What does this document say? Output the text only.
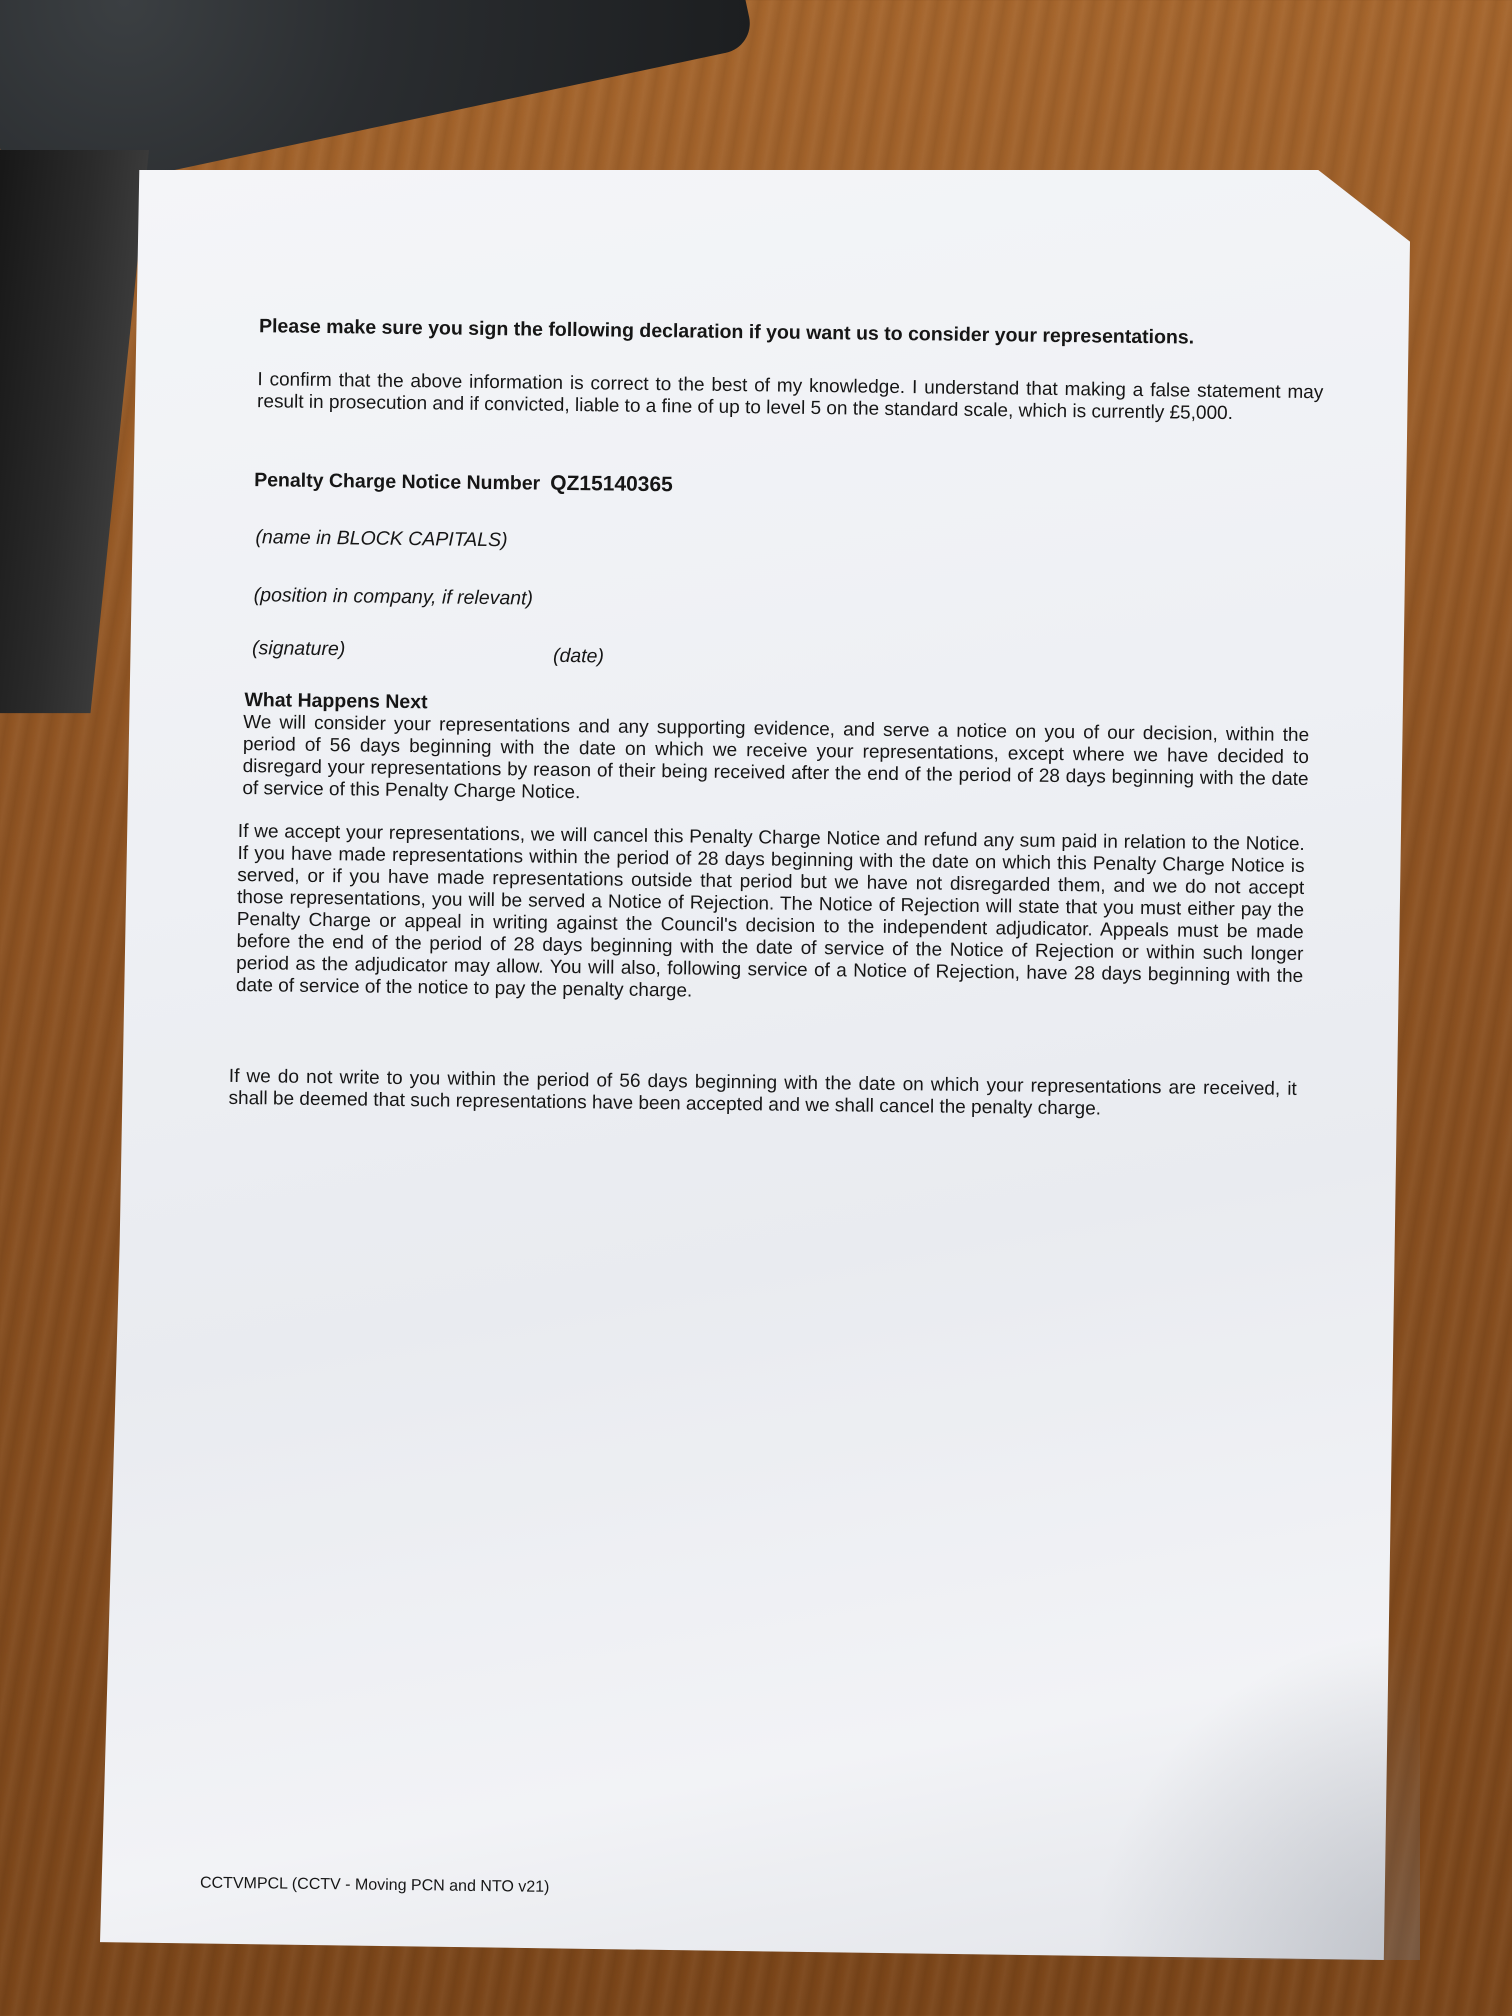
Please make sure you sign the following declaration if you want us to consider your representations.
I confirm that the above information is correct to the best of my knowledge. I understand that making a false statement may result in prosecution and if convicted, liable to a fine of up to level 5 on the standard scale, which is currently £5,000.
Penalty Charge Notice Number QZ15140365
(name in BLOCK CAPITALS)
(position in company, if relevant)
(signature)	(date)
What Happens Next
We will consider your representations and any supporting evidence, and serve a notice on you of our decision, within the period of 56 days beginning with the date on which we receive your representations, except where we have decided to disregard your representations by reason of their being received after the end of the period of 28 days beginning with the date of service of this Penalty Charge Notice.
If we accept your representations, we will cancel this Penalty Charge Notice and refund any sum paid in relation to the Notice. If you have made representations within the period of 28 days beginning with the date on which this Penalty Charge Notice is served, or if you have made representations outside that period but we have not disregarded them, and we do not accept those representations, you will be served a Notice of Rejection. The Notice of Rejection will state that you must either pay the Penalty Charge or appeal in writing against the Council's decision to the independent adjudicator. Appeals must be made before the end of the period of 28 days beginning with the date of service of the Notice of Rejection or within such longer period as the adjudicator may allow. You will also, following service of a Notice of Rejection, have 28 days beginning with the date of service of the notice to pay the penalty charge.
If we do not write to you within the period of 56 days beginning with the date on which your representations are received, it shall be deemed that such representations have been accepted and we shall cancel the penalty charge.
CCTVMPCL (CCTV - Moving PCN and NTO v21)
